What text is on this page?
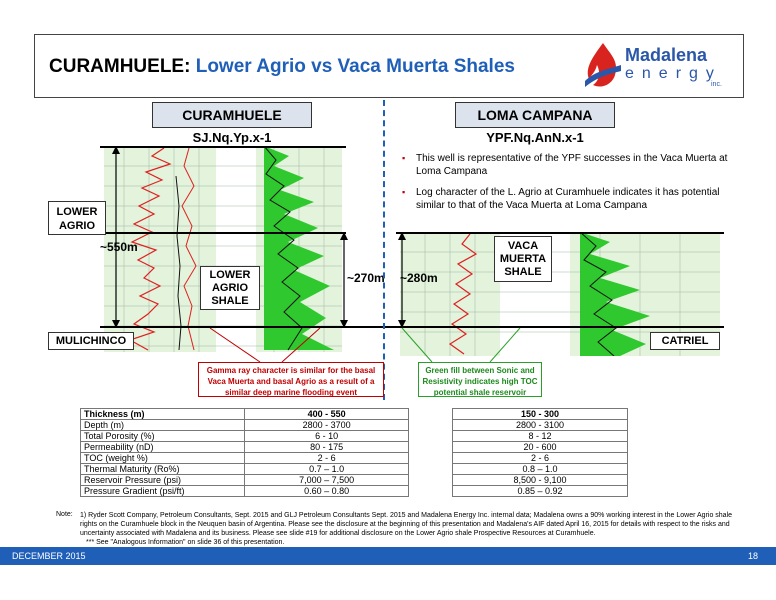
CURAMHUELE: Lower Agrio vs Vaca Muerta Shales
Madalena
energy
inc.
CURAMHUELE
SJ.Nq.Yp.x-1
LOMA CAMPANA
YPF.Nq.AnN.x-1
~550m
~270m ~280m
LOWER AGRIO
MULICHINCO	CATRIEL
LOWER AGRIO SHALE
VACA MUERTA SHALE
▪ This well is representative of the YPF successes in the Vaca Muerta at Loma Campana
▪ Log character of the L. Agrio at Curamhuele indicates it has potential similar to that of the Vaca Muerta at Loma Campana
Gamma ray character is similar for the basal Vaca Muerta and basal Agrio as a result of a similar deep marine flooding event
Green fill between Sonic and Resistivity indicates high TOC potential shale reservoir
Thickness (m)	400 - 550		150 - 300
Depth (m)	2800 - 3700		2800 - 3100
Total Porosity (%)	6 - 10		8 - 12
Permeability (nD)	80 - 175		20 - 600
TOC (weight %)	2 - 6		2 - 6
Thermal Maturity (Ro%)	0.7 – 1.0		0.8 – 1.0
Reservoir Pressure (psi)	7,000 – 7,500		8,500 - 9,100
Pressure Gradient (psi/ft)	0.60 – 0.80		0.85 – 0.92
Note: 1) Ryder Scott Company, Petroleum Consultants, Sept. 2015 and GLJ Petroleum Consultants Sept. 2015 and Madalena Energy Inc. internal data; Madalena owns a 90% working interest in the Lower Agrio shale rights on the Curamhuele block in the Neuquen basin of Argentina. Please see the disclosure at the beginning of this presentation and Madalena's AIF dated April 16, 2015 for details with respect to the risks and uncertainty associated with Madalena and its business. Please see slide #19 for additional disclosure on the Lower Agrio shale Prospective Resources at Curamhuele.
*** See "Analogous Information" on slide 36 of this presentation.
DECEMBER 2015	18
